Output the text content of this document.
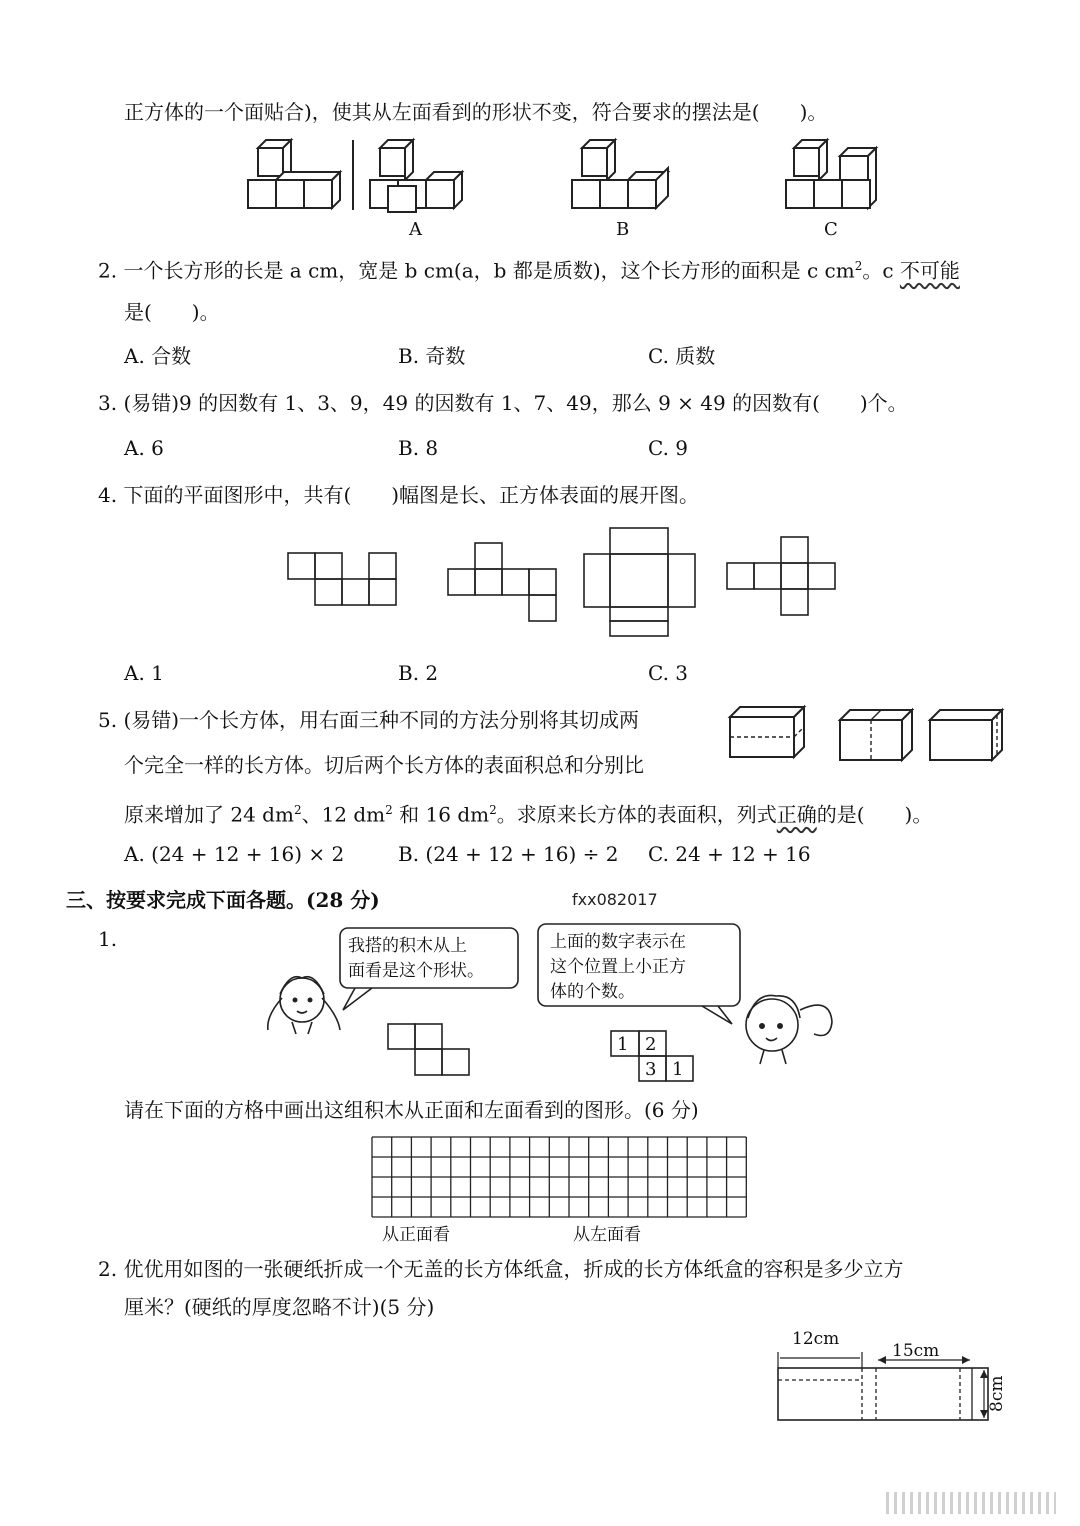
正方体的一个面贴合)，使其从左面看到的形状不变，符合要求的摆法是(　　)。
A	B	C
1 2
3 1
12cm
15cm
8cm
2. 一个长方形的长是 a cm，宽是 b cm(a，b 都是质数)，这个长方形的面积是 c $cm^2$。c 不可能
是(　　)。
A. 合数	B. 奇数	C. 质数
3. (易错)9 的因数有 1、3、9，49 的因数有 1、7、49，那么 9 × 49 的因数有(　　)个。
A. 6	B. 8	C. 9
4. 下面的平面图形中，共有(　　)幅图是长、正方体表面的展开图。
A. 1	B. 2	C. 3
5. (易错)一个长方体，用右面三种不同的方法分别将其切成两
个完全一样的长方体。切后两个长方体的表面积总和分别比
原来增加了 24 $dm^2$、12 $dm^2$ 和 16 $dm^2$。求原来长方体的表面积，列式正确的是(　　)。
A. (24 + 12 + 16) × 2	B. (24 + 12 + 16) ÷ 2 C. 24 + 12 + 16
三、按要求完成下面各题。(28 分)	fxx082017
1.	我搭的积木从上
面看是这个形状。
上面的数字表示在
这个位置上小正方
体的个数。
请在下面的方格中画出这组积木从正面和左面看到的图形。(6 分)
从正面看	从左面看
2. 优优用如图的一张硬纸折成一个无盖的长方体纸盒，折成的长方体纸盒的容积是多少立方
厘米？(硬纸的厚度忽略不计)(5 分)
